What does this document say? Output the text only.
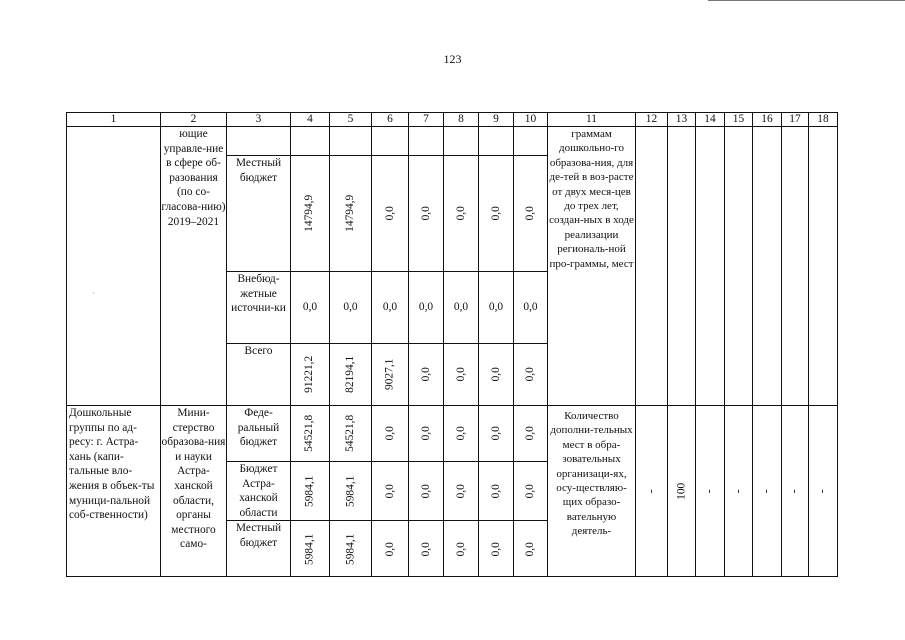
123
·
1	2	3	4	5	6	7	8	9	10	11	12	13	14	15	16	17	18
	ющие управле-ние в сфере об-разования (по со-гласова-нию) 2019–2021									граммам дошкольно-го образова-ния, для де-тей в воз-расте от двух меся-цев до трех лет, создан-ных в ходе реализации региональ-ной про-граммы, мест							
		Местный бюджет	14794,9	14794,9	0,0	0,0	0,0	0,0	0,0								
		Внебюд-жетные источни-ки	0,0	0,0	0,0	0,0	0,0	0,0	0,0								
		Всего	91221,2	82194,1	9027,1	0,0	0,0	0,0	0,0								
Дошкольные группы по ад-ресу: г. Астра-хань (капи-тальные вло-жения в объек-ты муници-пальной соб-ственности)	Мини-стерство образова-ния и науки Астра-ханской области, органы местного само-	Феде-ральный бюджет	54521,8	54521,8	0,0	0,0	0,0	0,0	0,0	Количество дополни-тельных мест в обра-зовательных организаци-ях, осу-ществляю-щих образо-вательную деятель-	-	100	-	-	-	-	-
		Бюджет Астра-ханской области	5984,1	5984,1	0,0	0,0	0,0	0,0	0,0								
		Местный бюджет	5984,1	5984,1	0,0	0,0	0,0	0,0	0,0								
